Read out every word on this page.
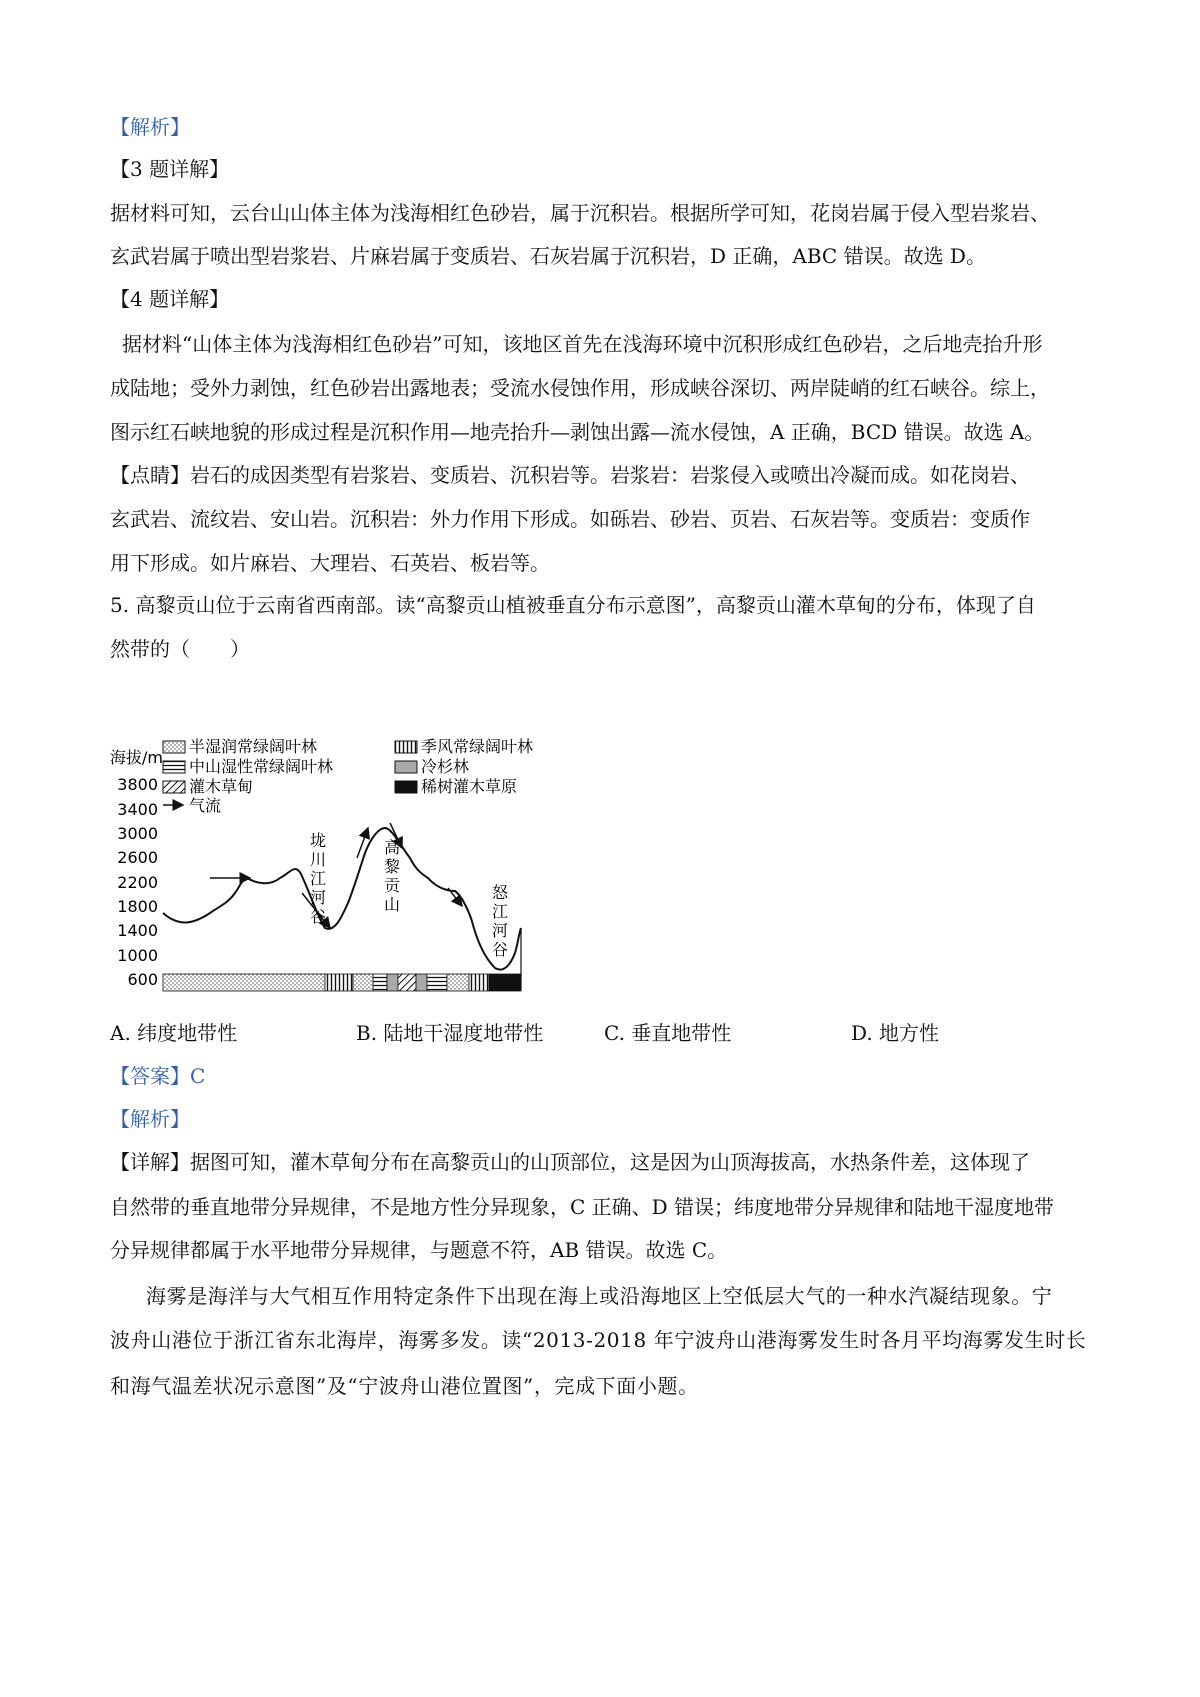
【解析】
【3 题详解】
据材料可知，云台山山体主体为浅海相红色砂岩，属于沉积岩。根据所学可知，花岗岩属于侵入型岩浆岩、
玄武岩属于喷出型岩浆岩、片麻岩属于变质岩、石灰岩属于沉积岩，D 正确，ABC 错误。故选 D。
【4 题详解】
据材料“山体主体为浅海相红色砂岩”可知，该地区首先在浅海环境中沉积形成红色砂岩，之后地壳抬升形
成陆地；受外力剥蚀，红色砂岩出露地表；受流水侵蚀作用，形成峡谷深切、两岸陡峭的红石峡谷。综上，
图示红石峡地貌的形成过程是沉积作用—地壳抬升—剥蚀出露—流水侵蚀，A 正确，BCD 错误。故选 A。
【点睛】岩石的成因类型有岩浆岩、变质岩、沉积岩等。岩浆岩：岩浆侵入或喷出冷凝而成。如花岗岩、
玄武岩、流纹岩、安山岩。沉积岩：外力作用下形成。如砾岩、砂岩、页岩、石灰岩等。变质岩：变质作
用下形成。如片麻岩、大理岩、石英岩、板岩等。
5. 高黎贡山位于云南省西南部。读“高黎贡山植被垂直分布示意图”，高黎贡山灌木草甸的分布，体现了自
然带的（　　）
A. 纬度地带性	B. 陆地干湿度地带性	C. 垂直地带性	D. 地方性
【答案】C
【解析】
【详解】据图可知，灌木草甸分布在高黎贡山的山顶部位，这是因为山顶海拔高，水热条件差，这体现了
自然带的垂直地带分异规律，不是地方性分异现象，C 正确、D 错误；纬度地带分异规律和陆地干湿度地带
分异规律都属于水平地带分异规律，与题意不符，AB 错误。故选 C。
海雾是海洋与大气相互作用特定条件下出现在海上或沿海地区上空低层大气的一种水汽凝结现象。宁
波舟山港位于浙江省东北海岸，海雾多发。读“2013-2018 年宁波舟山港海雾发生时各月平均海雾发生时长
和海气温差状况示意图”及“宁波舟山港位置图”，完成下面小题。
半湿润常绿阔叶林	季风常绿阔叶林
中山湿性常绿阔叶林	冷杉林
灌木草甸	稀树灌木草原
气流
海拔/m
3800
3400
3000
2600
2200
1800
1400
1000
600
垅
川
江
河
谷
高
黎
贡
山
怒
江
河
谷
